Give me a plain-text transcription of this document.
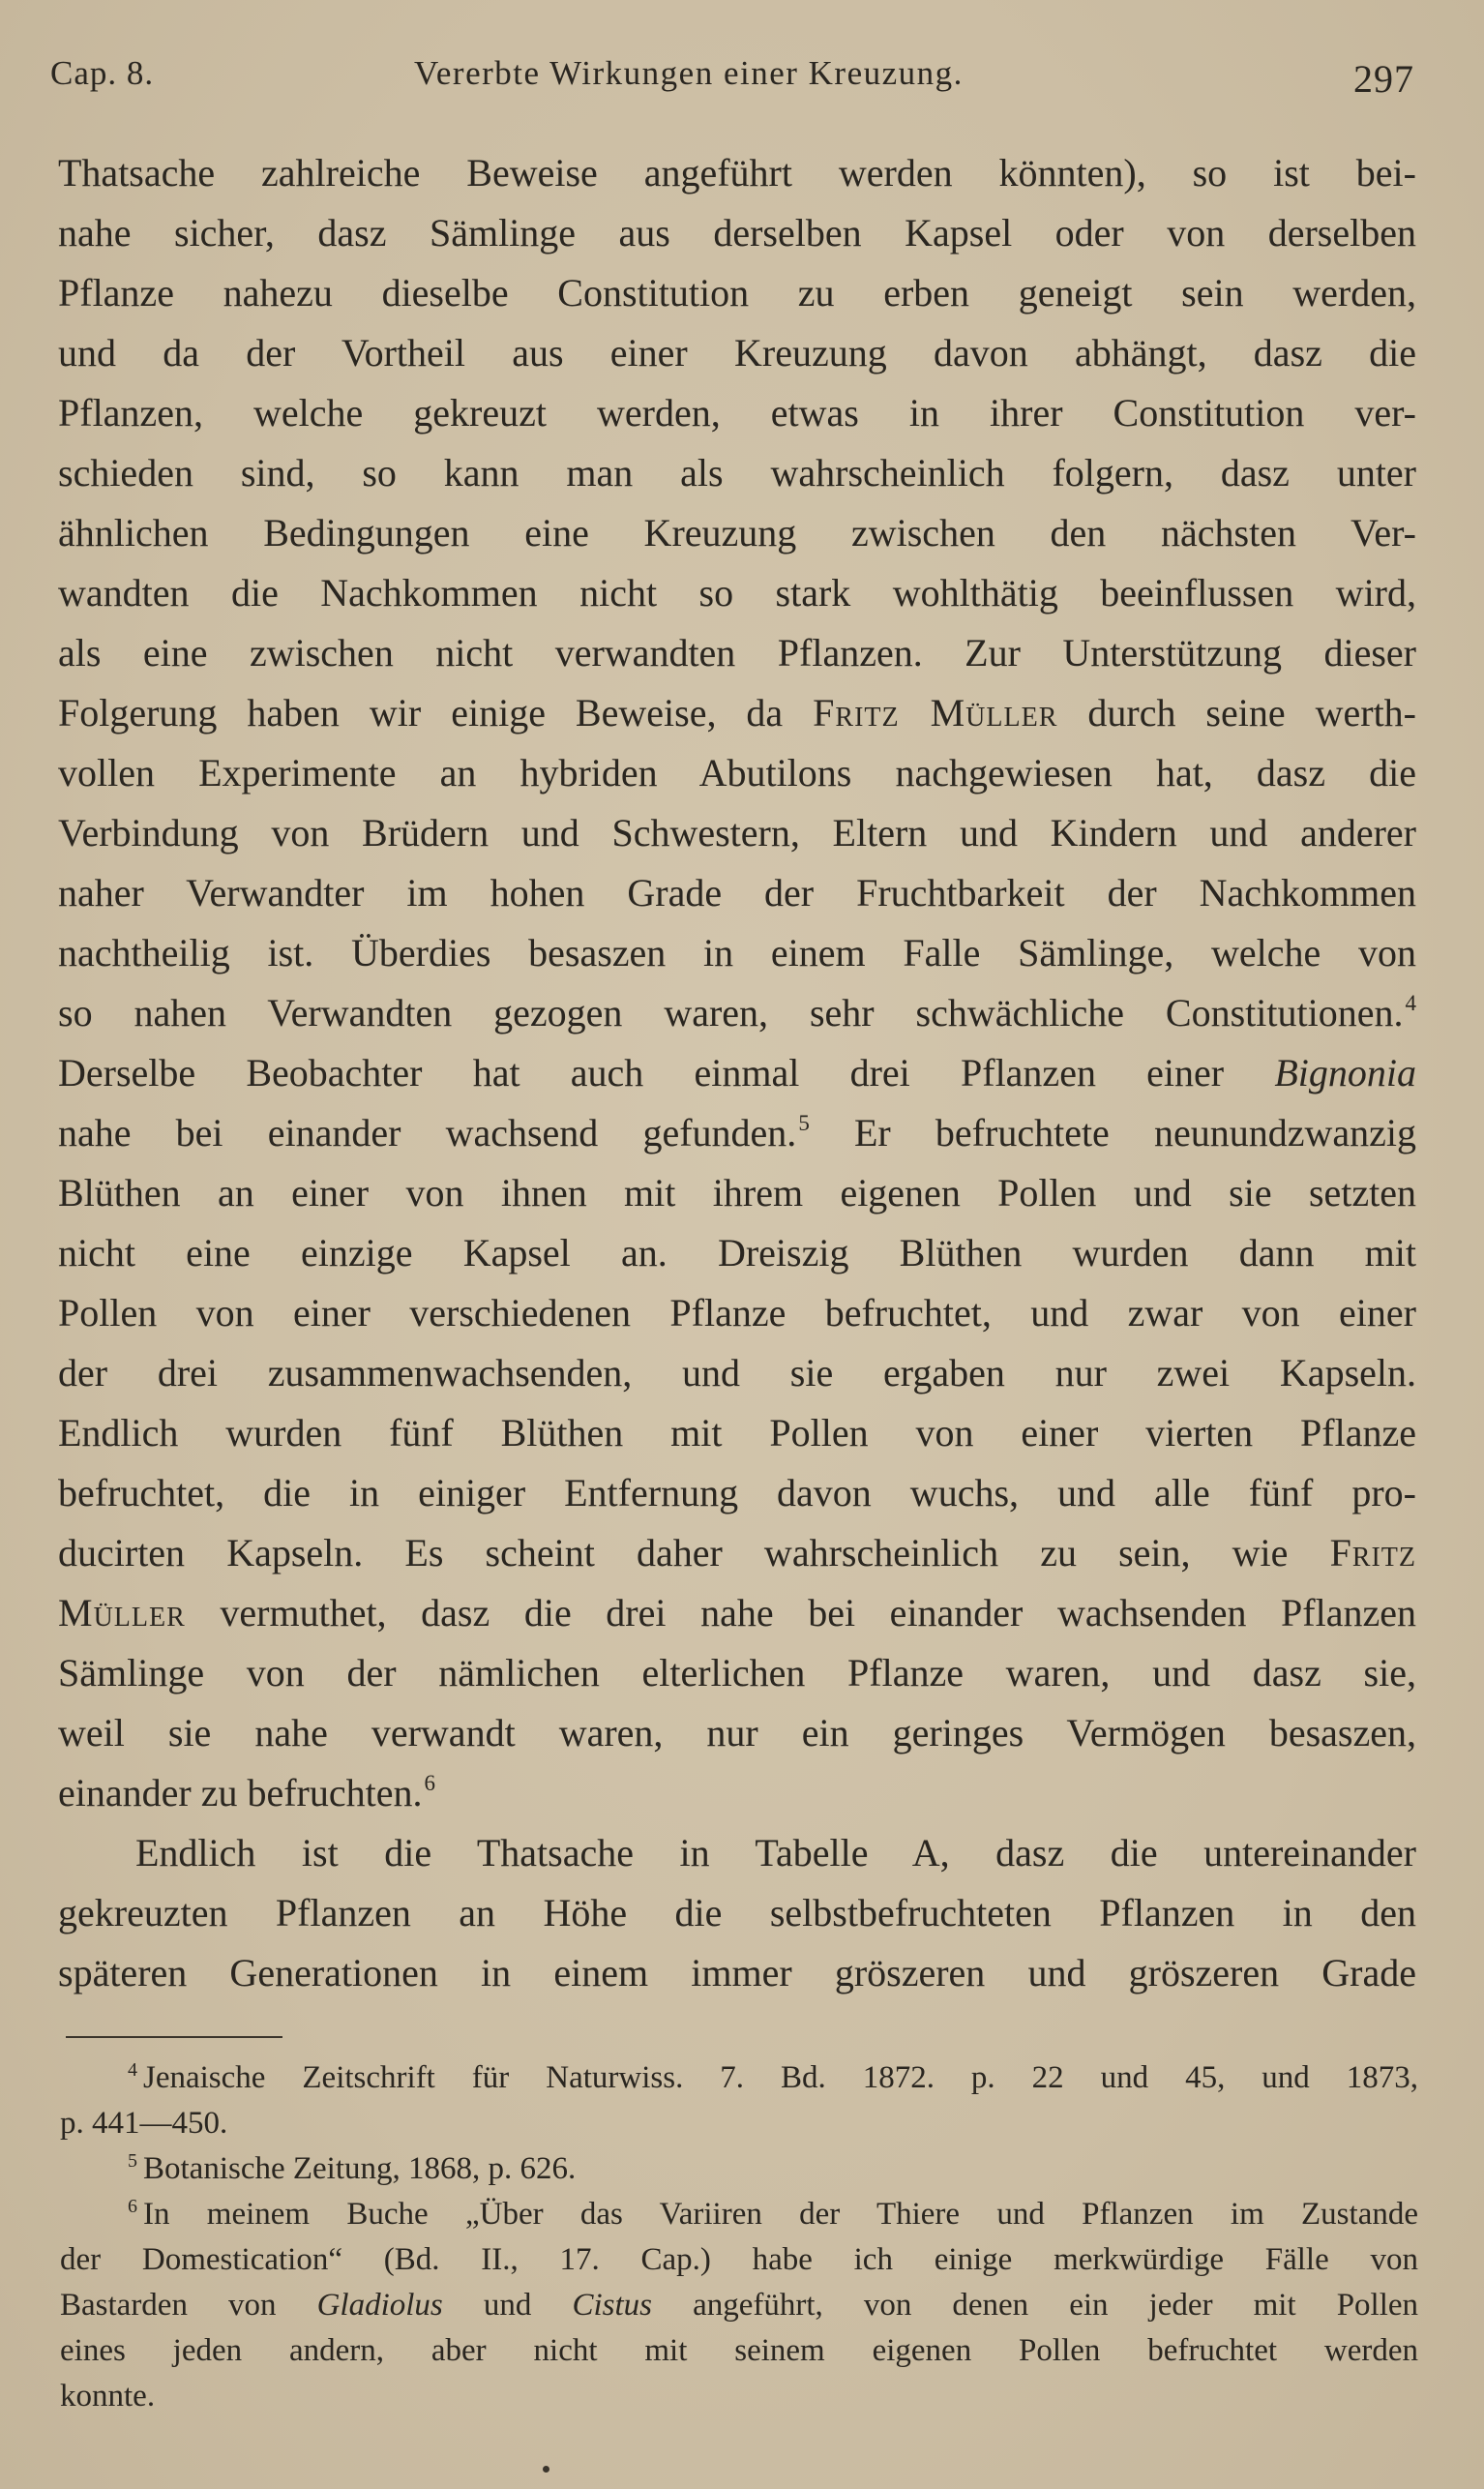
Cap. 8.	Vererbte Wirkungen einer Kreuzung.	297
Thatsache zahlreiche Beweise angeführt werden könnten), so ist bei-
nahe sicher, dasz Sämlinge aus derselben Kapsel oder von derselben
Pflanze nahezu dieselbe Constitution zu erben geneigt sein werden,
und da der Vortheil aus einer Kreuzung davon abhängt, dasz die
Pflanzen, welche gekreuzt werden, etwas in ihrer Constitution ver-
schieden sind, so kann man als wahrscheinlich folgern, dasz unter
ähnlichen Bedingungen eine Kreuzung zwischen den nächsten Ver-
wandten die Nachkommen nicht so stark wohlthätig beeinflussen wird,
als eine zwischen nicht verwandten Pflanzen. Zur Unterstützung dieser
Folgerung haben wir einige Beweise, da Fritz Müller durch seine werth-
vollen Experimente an hybriden Abutilons nachgewiesen hat, dasz die
Verbindung von Brüdern und Schwestern, Eltern und Kindern und anderer
naher Verwandter im hohen Grade der Fruchtbarkeit der Nachkommen
nachtheilig ist. Überdies besaszen in einem Falle Sämlinge, welche von
so nahen Verwandten gezogen waren, sehr schwächliche Constitutionen.$^4$
Derselbe Beobachter hat auch einmal drei Pflanzen einer Bignonia
nahe bei einander wachsend gefunden.$^5$ Er befruchtete neunundzwanzig
Blüthen an einer von ihnen mit ihrem eigenen Pollen und sie setzten
nicht eine einzige Kapsel an. Dreiszig Blüthen wurden dann mit
Pollen von einer verschiedenen Pflanze befruchtet, und zwar von einer
der drei zusammenwachsenden, und sie ergaben nur zwei Kapseln.
Endlich wurden fünf Blüthen mit Pollen von einer vierten Pflanze
befruchtet, die in einiger Entfernung davon wuchs, und alle fünf pro-
ducirten Kapseln. Es scheint daher wahrscheinlich zu sein, wie Fritz
Müller vermuthet, dasz die drei nahe bei einander wachsenden Pflanzen
Sämlinge von der nämlichen elterlichen Pflanze waren, und dasz sie,
weil sie nahe verwandt waren, nur ein geringes Vermögen besaszen,
einander zu befruchten.$^6$
Endlich ist die Thatsache in Tabelle A, dasz die untereinander
gekreuzten Pflanzen an Höhe die selbstbefruchteten Pflanzen in den
späteren Generationen in einem immer gröszeren und gröszeren Grade
$^4$ Jenaische Zeitschrift für Naturwiss. 7. Bd. 1872. p. 22 und 45, und 1873,
p. 441—450.
$^5$ Botanische Zeitung, 1868, p. 626.
$^6$ In meinem Buche „Über das Variiren der Thiere und Pflanzen im Zustande
der Domestication“ (Bd. II., 17. Cap.) habe ich einige merkwürdige Fälle von
Bastarden von Gladiolus und Cistus angeführt, von denen ein jeder mit Pollen
eines jeden andern, aber nicht mit seinem eigenen Pollen befruchtet werden
konnte.
